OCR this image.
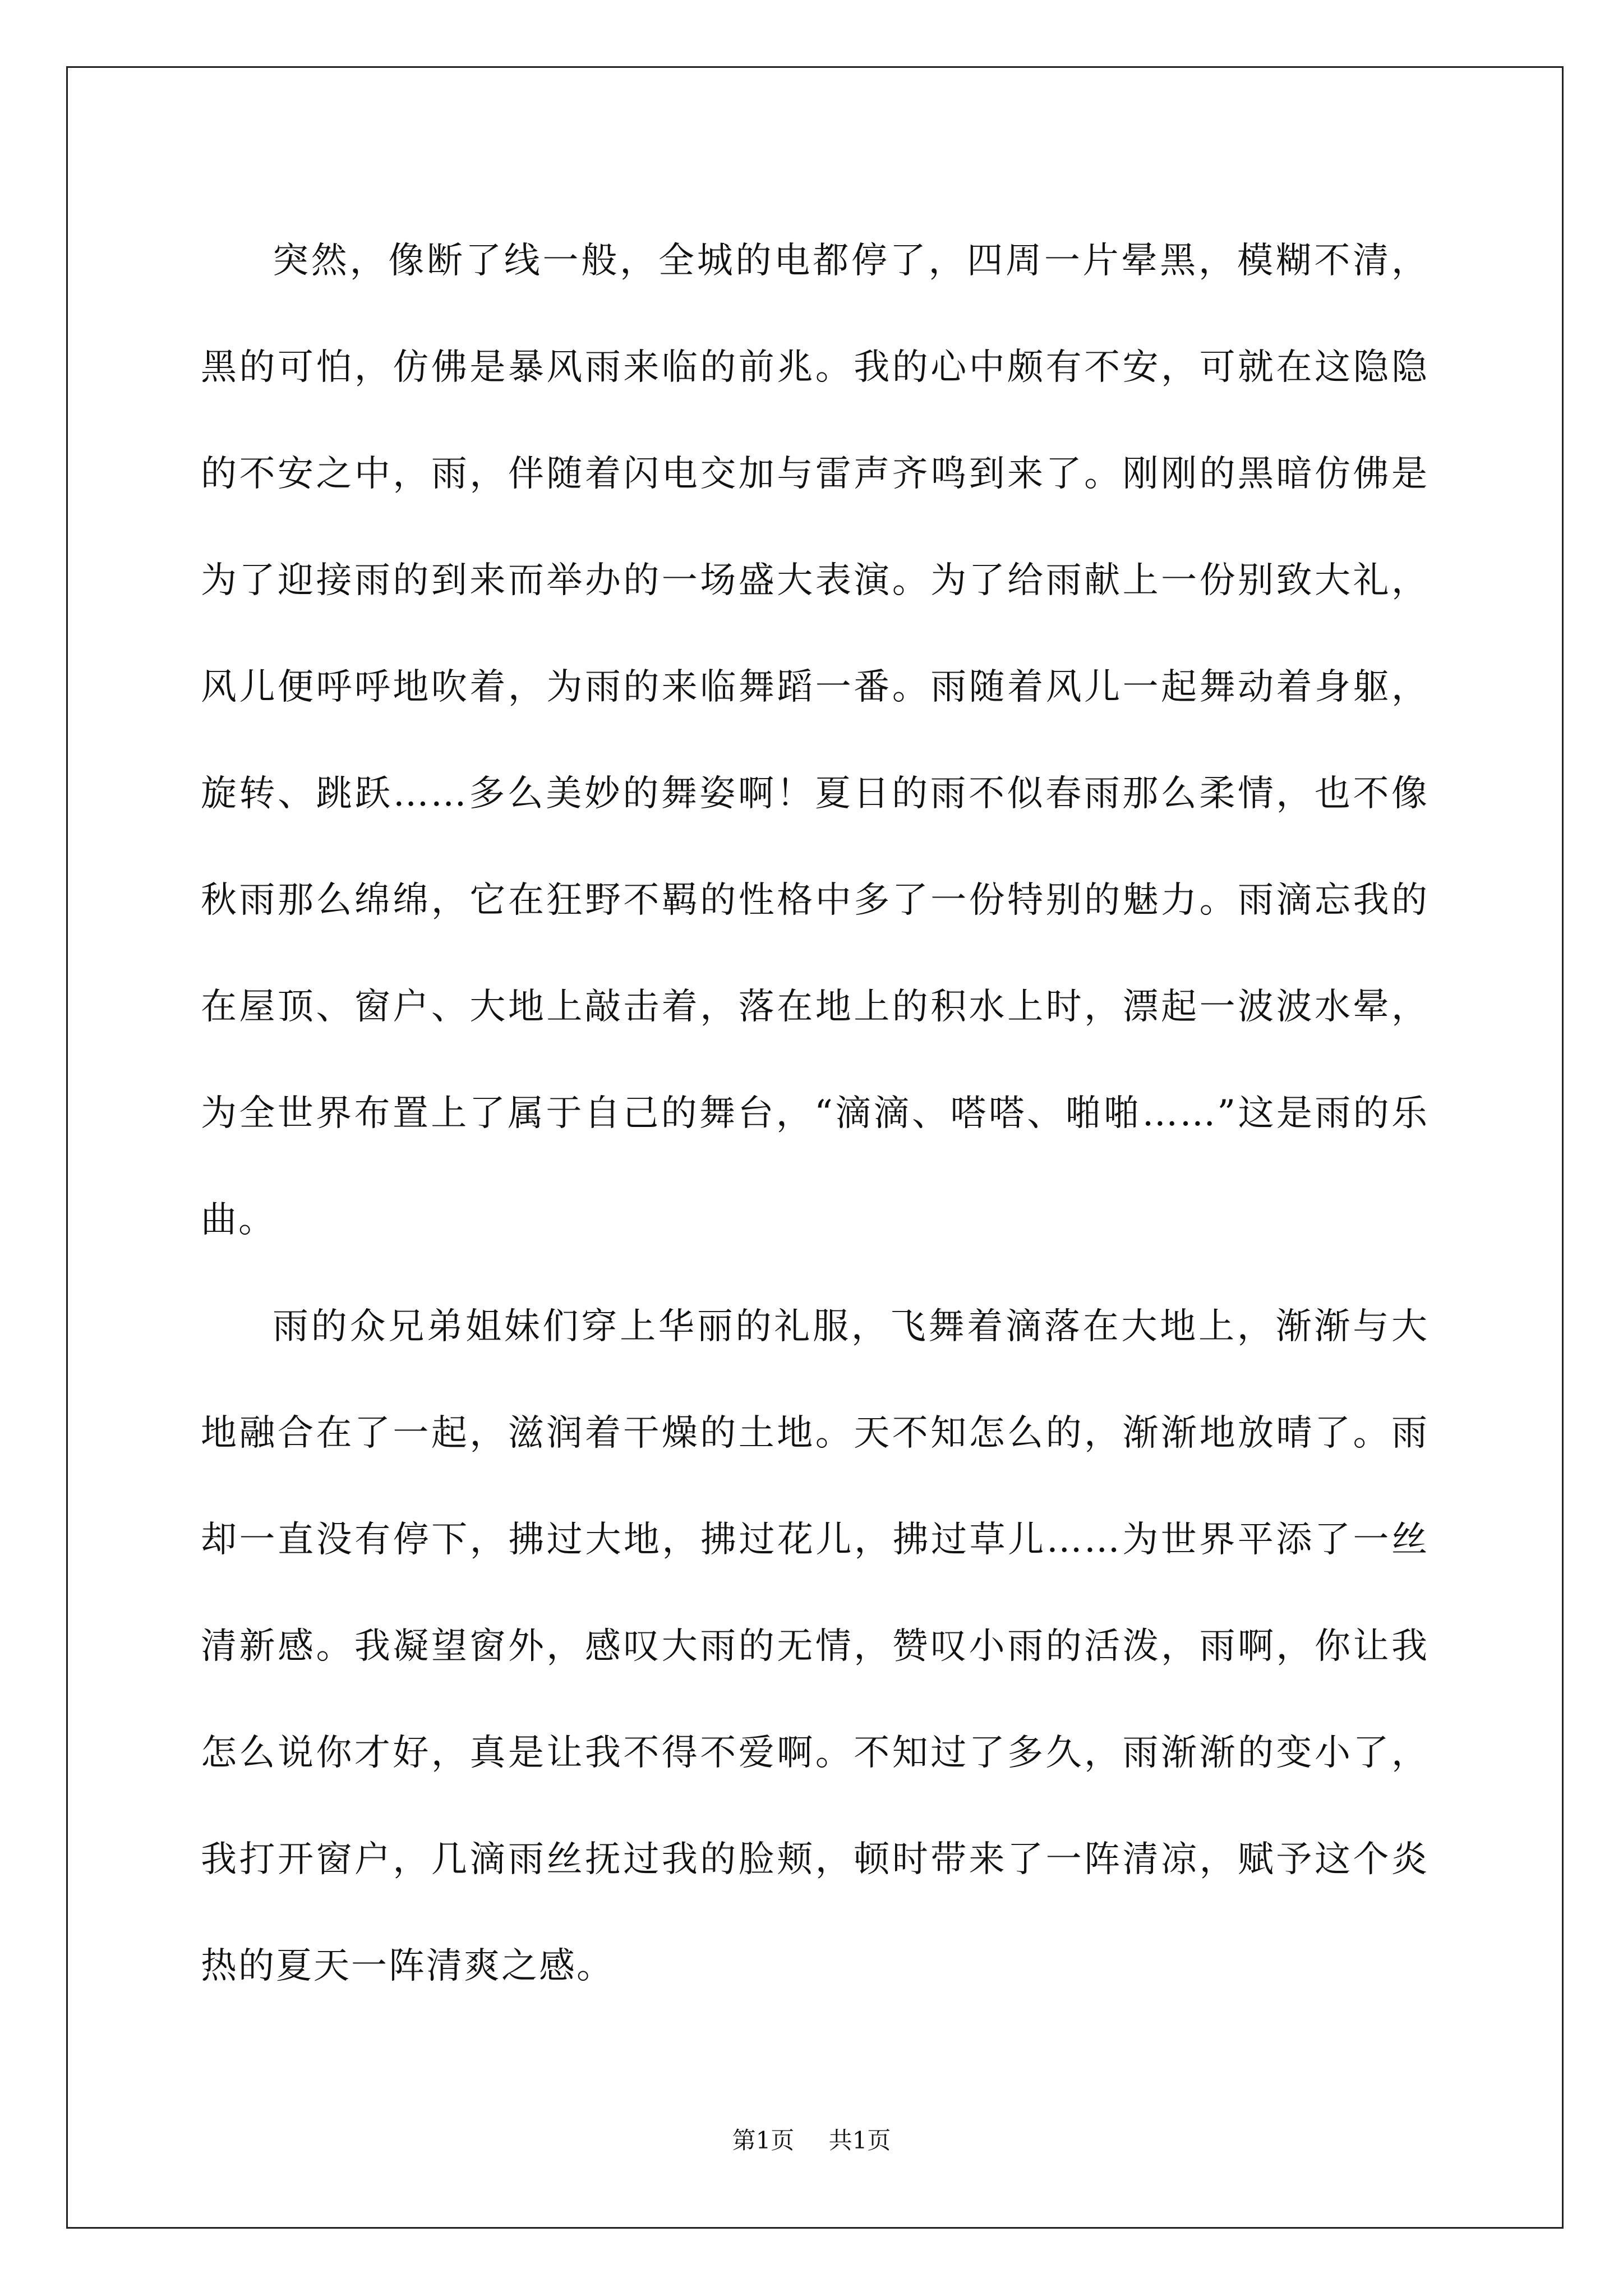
突然，像断了线一般，全城的电都停了，四周一片晕黑，模糊不清，黑的可怕，仿佛是暴风雨来临的前兆。我的心中颇有不安，可就在这隐隐的不安之中，雨，伴随着闪电交加与雷声齐鸣到来了。刚刚的黑暗仿佛是为了迎接雨的到来而举办的一场盛大表演。为了给雨献上一份别致大礼，风儿便呼呼地吹着，为雨的来临舞蹈一番。雨随着风儿一起舞动着身躯，旋转、跳跃……多么美妙的舞姿啊！夏日的雨不似春雨那么柔情，也不像秋雨那么绵绵，它在狂野不羁的性格中多了一份特别的魅力。雨滴忘我的在屋顶、窗户、大地上敲击着，落在地上的积水上时，漂起一波波水晕，为全世界布置上了属于自己的舞台，“滴滴、嗒嗒、啪啪……”这是雨的乐曲。

雨的众兄弟姐妹们穿上华丽的礼服，飞舞着滴落在大地上，渐渐与大地融合在了一起，滋润着干燥的土地。天不知怎么的，渐渐地放晴了。雨却一直没有停下，拂过大地，拂过花儿，拂过草儿……为世界平添了一丝清新感。我凝望窗外，感叹大雨的无情，赞叹小雨的活泼，雨啊，你让我怎么说你才好，真是让我不得不爱啊。不知过了多久，雨渐渐的变小了，我打开窗户，几滴雨丝抚过我的脸颊，顿时带来了一阵清凉，赋予这个炎热的夏天一阵清爽之感。

第1页 共1页
